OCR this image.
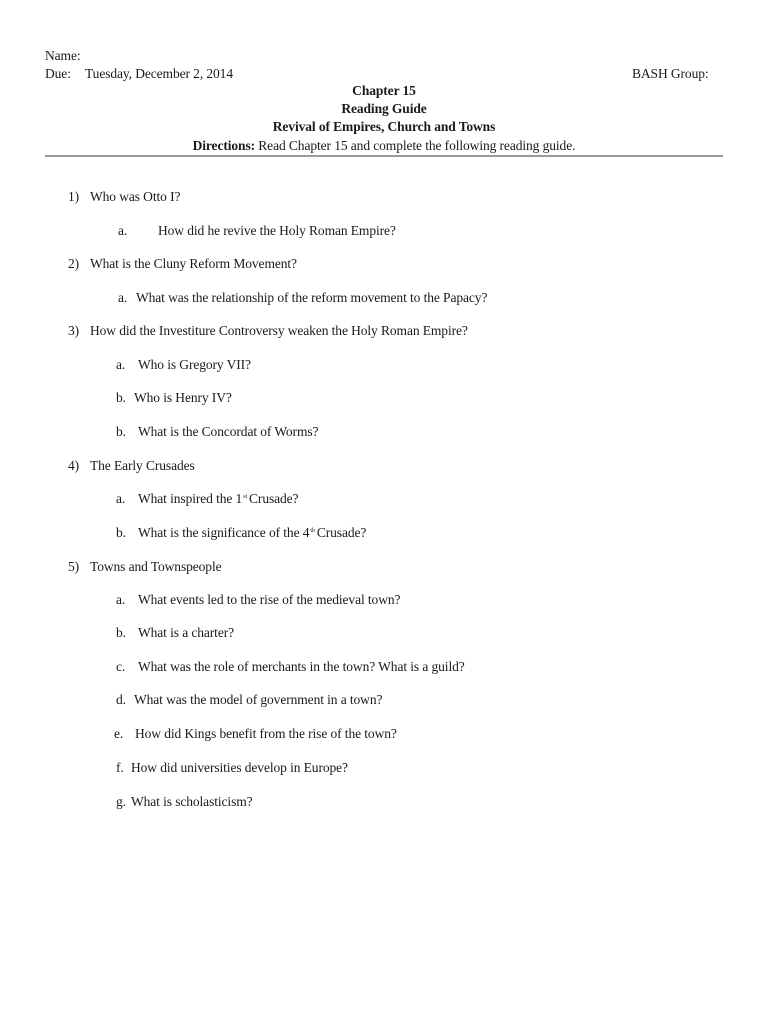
Name:
Due: Tuesday, December 2, 2014	BASH Group:
Chapter 15
Reading Guide
Revival of Empires, Church and Towns
Directions: Read Chapter 15 and complete the following reading guide.
1) Who was Otto I?
a. How did he revive the Holy Roman Empire?
2) What is the Cluny Reform Movement?
a. What was the relationship of the reform movement to the Papacy?
3) How did the Investiture Controversy weaken the Holy Roman Empire?
a. Who is Gregory VII?
b. Who is Henry IV?
b. What is the Concordat of Worms?
4) The Early Crusades
a. What inspired the 1st Crusade?
b. What is the significance of the 4th Crusade?
5) Towns and Townspeople
a. What events led to the rise of the medieval town?
b. What is a charter?
c. What was the role of merchants in the town? What is a guild?
d. What was the model of government in a town?
e. How did Kings benefit from the rise of the town?
f. How did universities develop in Europe?
g. What is scholasticism?
